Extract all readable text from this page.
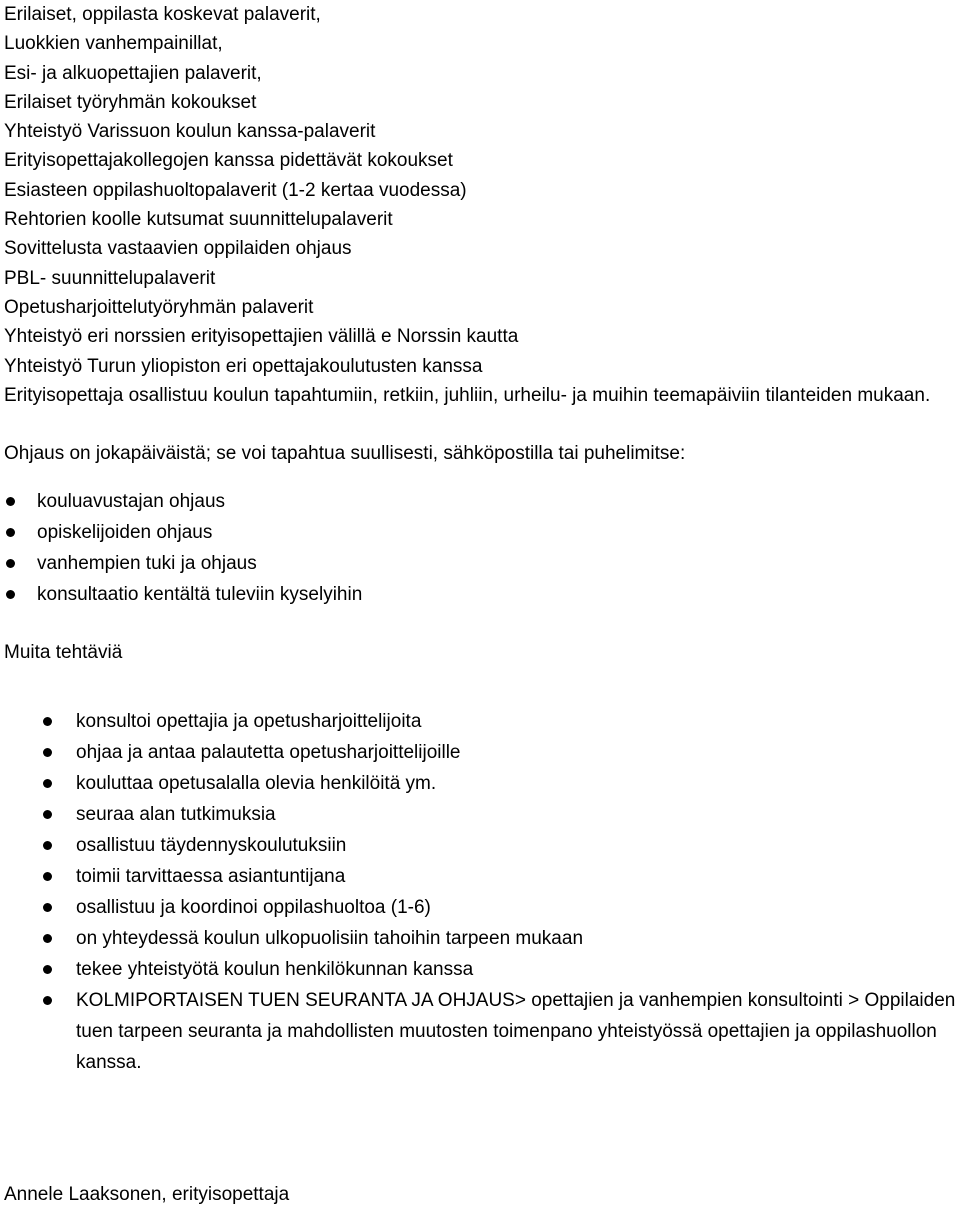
Erilaiset, oppilasta koskevat palaverit,
Luokkien vanhempainillat,
Esi- ja alkuopettajien palaverit,
Erilaiset työryhmän kokoukset
Yhteistyö Varissuon koulun kanssa-palaverit
Erityisopettajakollegojen kanssa pidettävät kokoukset
Esiasteen oppilashuoltopalaverit (1-2 kertaa vuodessa)
Rehtorien koolle kutsumat suunnittelupalaverit
Sovittelusta vastaavien oppilaiden ohjaus
PBL- suunnittelupalaverit
Opetusharjoittelutyöryhmän palaverit
Yhteistyö eri norssien erityisopettajien välillä e Norssin kautta
Yhteistyö Turun yliopiston eri opettajakoulutusten kanssa
Erityisopettaja osallistuu koulun tapahtumiin, retkiin, juhliin, urheilu- ja muihin teemapäiviin tilanteiden mukaan.

Ohjaus on jokapäiväistä; se voi tapahtua suullisesti, sähköpostilla tai puhelimitse:

kouluavustajan ohjaus
opiskelijoiden ohjaus
vanhempien tuki ja ohjaus
konsultaatio kentältä tuleviin kyselyihin
Muita tehtäviä
konsultoi opettajia ja opetusharjoittelijoita
ohjaa ja antaa palautetta opetusharjoittelijoille
kouluttaa opetusalalla olevia henkilöitä ym.
seuraa alan tutkimuksia
osallistuu täydennyskoulutuksiin
toimii tarvittaessa asiantuntijana
osallistuu ja koordinoi oppilashuoltoa (1-6)
on yhteydessä koulun ulkopuolisiin tahoihin tarpeen mukaan
tekee yhteistyötä koulun henkilökunnan kanssa
KOLMIPORTAISEN TUEN SEURANTA JA OHJAUS> opettajien ja vanhempien konsultointi > Oppilaiden tuen tarpeen seuranta ja mahdollisten muutosten toimenpano yhteistyössä opettajien ja oppilashuollon kanssa.
Annele Laaksonen, erityisopettaja
